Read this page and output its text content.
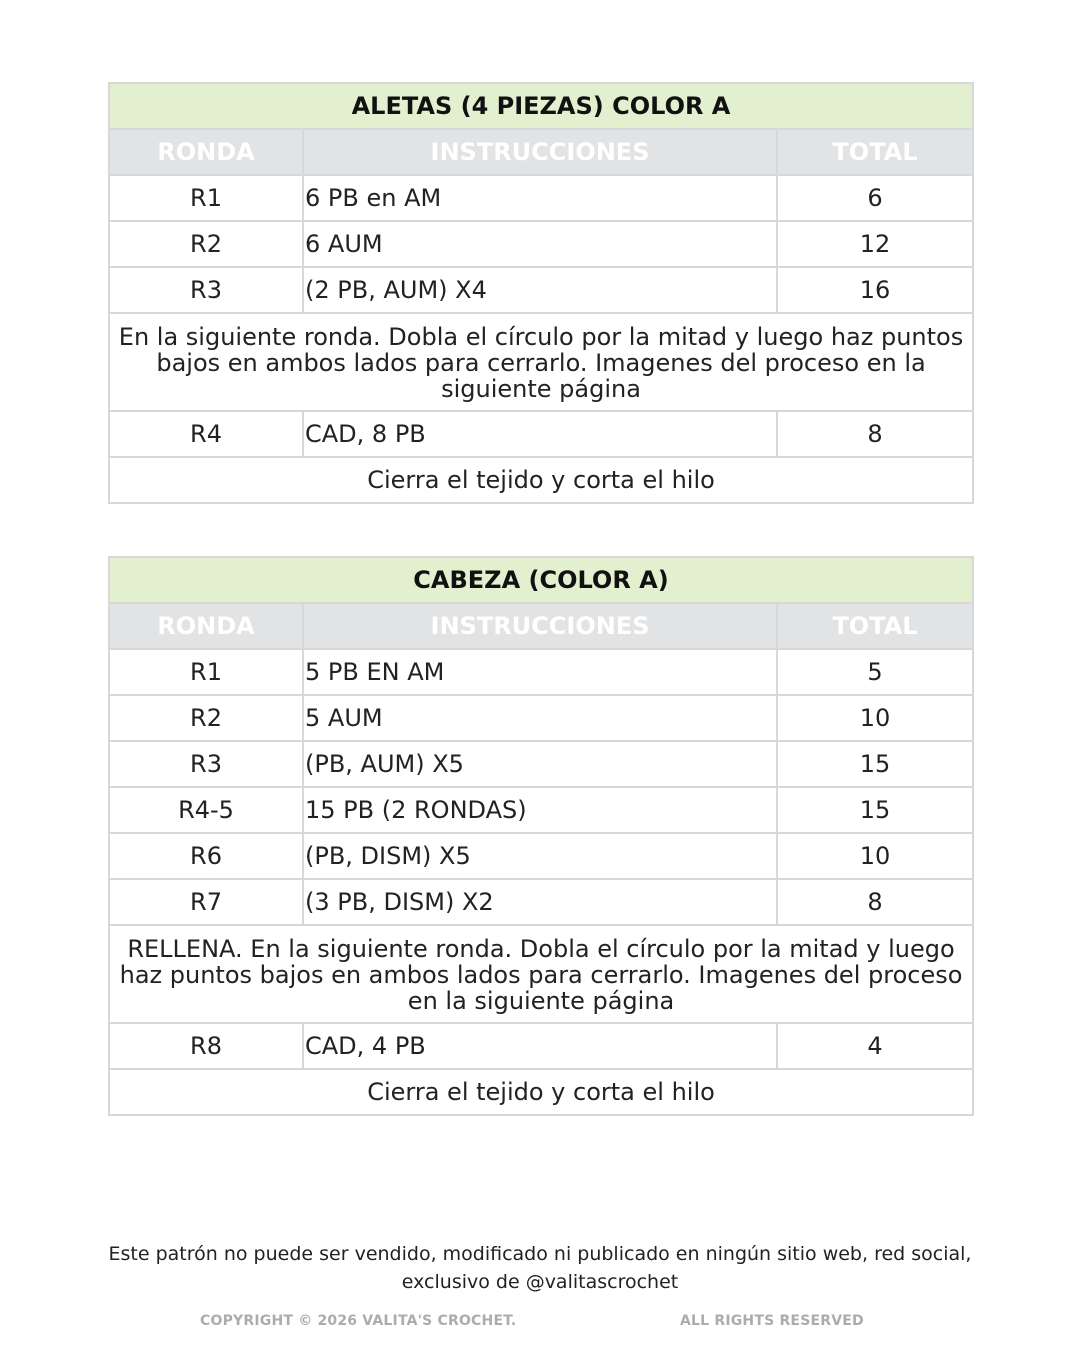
ALETAS (4 PIEZAS) COLOR A		
RONDA	INSTRUCCIONES	TOTAL
R1	6 PB en AM	6
R2	6 AUM	12
R3	(2 PB, AUM) X4	16
En la siguiente ronda. Dobla el círculo por la mitad y luego haz puntos bajos en ambos lados para cerrarlo. Imagenes del proceso en la siguiente página		
R4	CAD, 8 PB	8
Cierra el tejido y corta el hilo		
CABEZA (COLOR A)		
RONDA	INSTRUCCIONES	TOTAL
R1	5 PB EN AM	5
R2	5 AUM	10
R3	(PB, AUM) X5	15
R4-5	15 PB (2 RONDAS)	15
R6	(PB, DISM) X5	10
R7	(3 PB, DISM) X2	8
RELLENA. En la siguiente ronda. Dobla el círculo por la mitad y luego haz puntos bajos en ambos lados para cerrarlo. Imagenes del proceso en la siguiente página		
R8	CAD, 4 PB	4
Cierra el tejido y corta el hilo		
Este patrón no puede ser vendido, modificado ni publicado en ningún sitio web, red social,
exclusivo de @valitascrochet
COPYRIGHT © 2026 VALITA'S CROCHET.	ALL RIGHTS RESERVED
